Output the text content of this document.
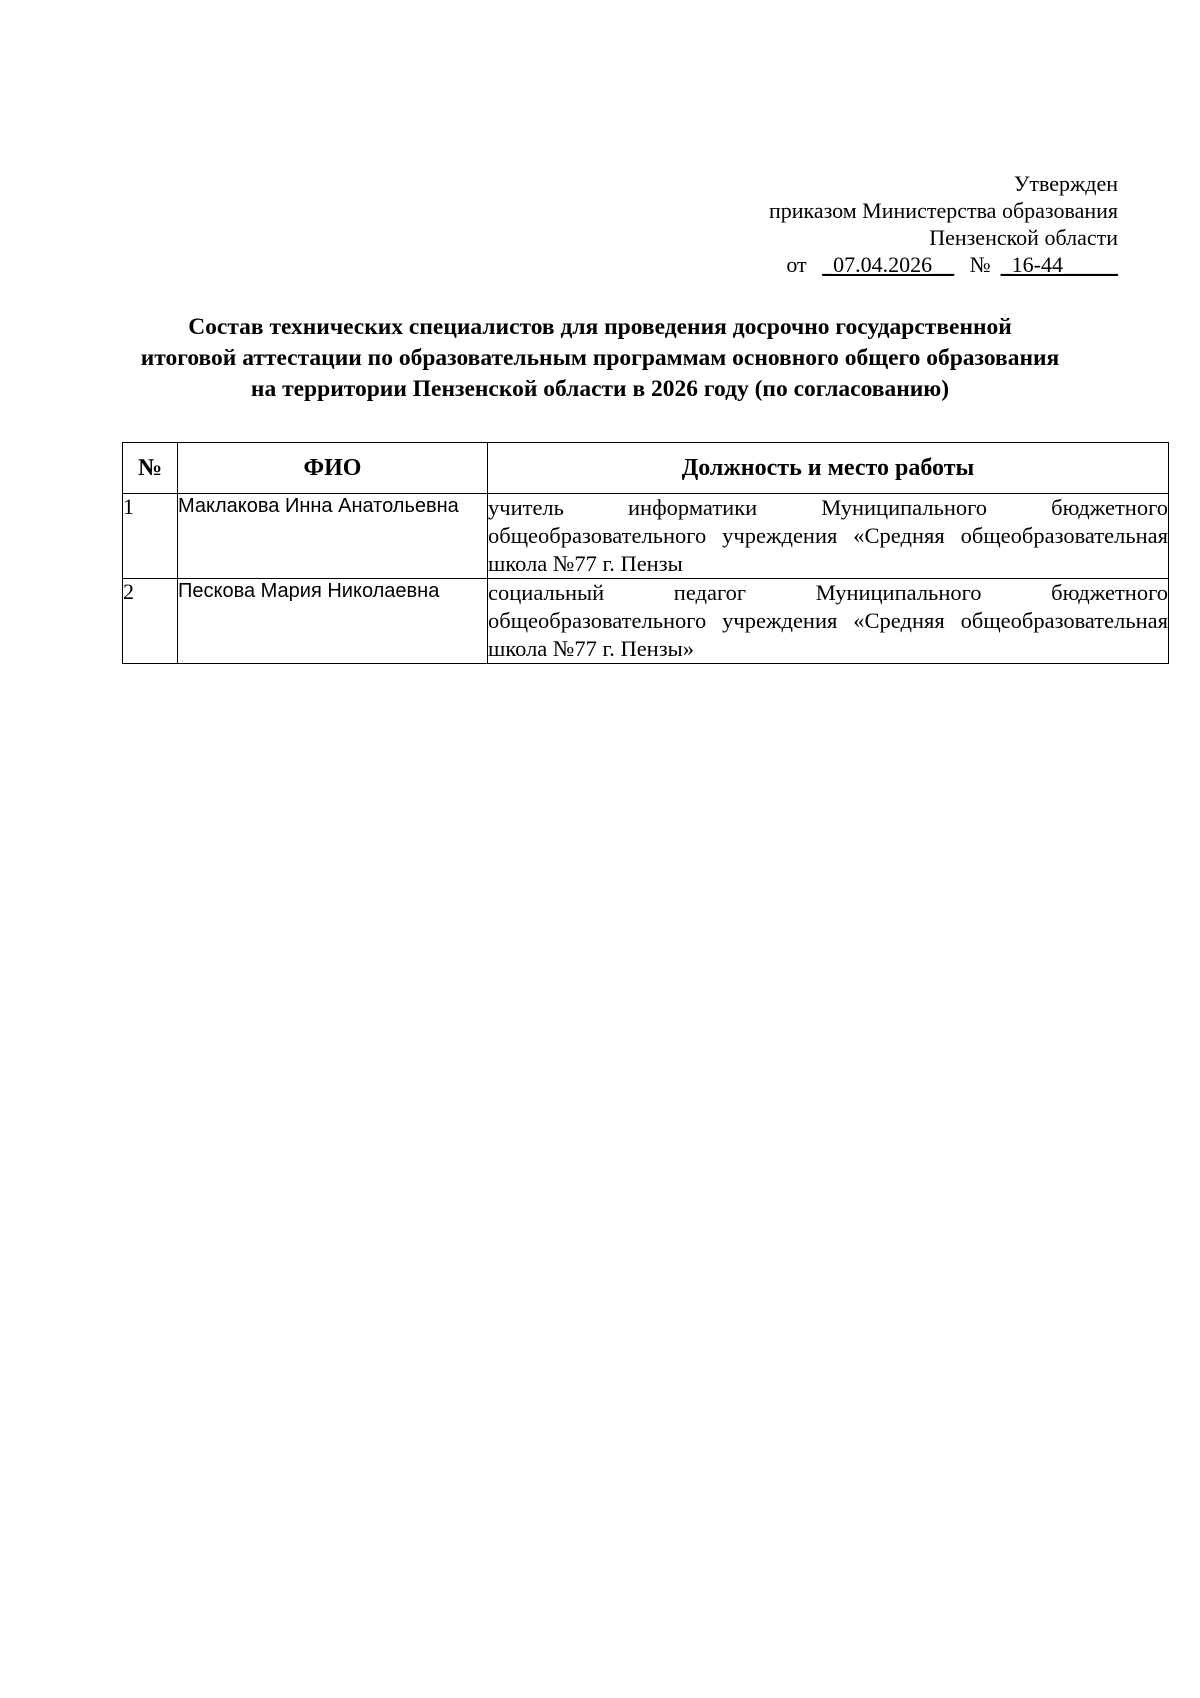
Утвержден
приказом Министерства образования
Пензенской области
от _07.04.2026__ № _16-44_____
Состав технических специалистов для проведения досрочно государственной итоговой аттестации по образовательным программам основного общего образования на территории Пензенской области в 2026 году (по согласованию)
№	ФИО	Должность и место работы
1	Маклакова Инна Анатольевна	учитель информатики Муниципального бюджетного общеобразовательного учреждения «Средняя общеобразовательная школа №77 г. Пензы
2	Пескова Мария Николаевна	социальный педагог Муниципального бюджетного общеобразовательного учреждения «Средняя общеобразовательная школа №77 г. Пензы»
